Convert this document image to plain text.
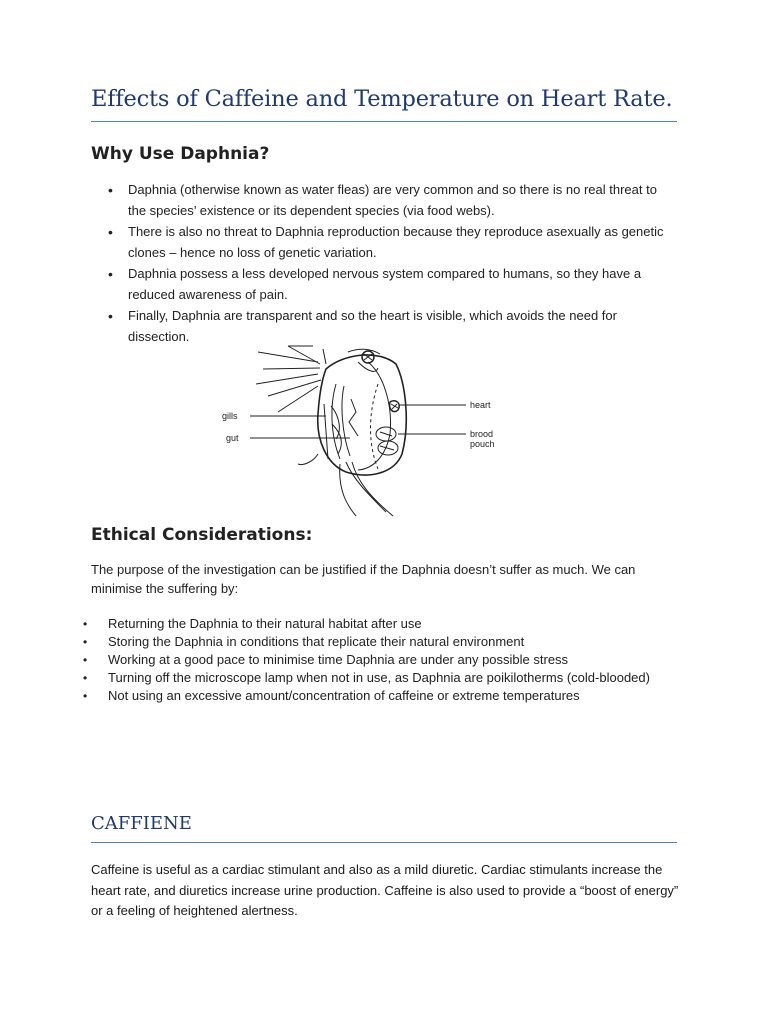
Effects of Caffeine and Temperature on Heart Rate.
Why Use Daphnia?
• Daphnia (otherwise known as water fleas) are very common and so there is no real threat to the species’ existence or its dependent species (via food webs).
• There is also no threat to Daphnia reproduction because they reproduce asexually as genetic clones – hence no loss of genetic variation.
• Daphnia possess a less developed nervous system compared to humans, so they have a reduced awareness of pain.
• Finally, Daphnia are transparent and so the heart is visible, which avoids the need for dissection.
gills
gut
heart
brood
pouch
Ethical Considerations:

The purpose of the investigation can be justified if the Daphnia doesn’t suffer as much. We can minimise the suffering by:

• Returning the Daphnia to their natural habitat after use
• Storing the Daphnia in conditions that replicate their natural environment
• Working at a good pace to minimise time Daphnia are under any possible stress
• Turning off the microscope lamp when not in use, as Daphnia are poikilotherms (cold-blooded)
• Not using an excessive amount/concentration of caffeine or extreme temperatures
CAFFIENE

Caffeine is useful as a cardiac stimulant and also as a mild diuretic. Cardiac stimulants increase the heart rate, and diuretics increase urine production. Caffeine is also used to provide a “boost of energy” or a feeling of heightened alertness.
